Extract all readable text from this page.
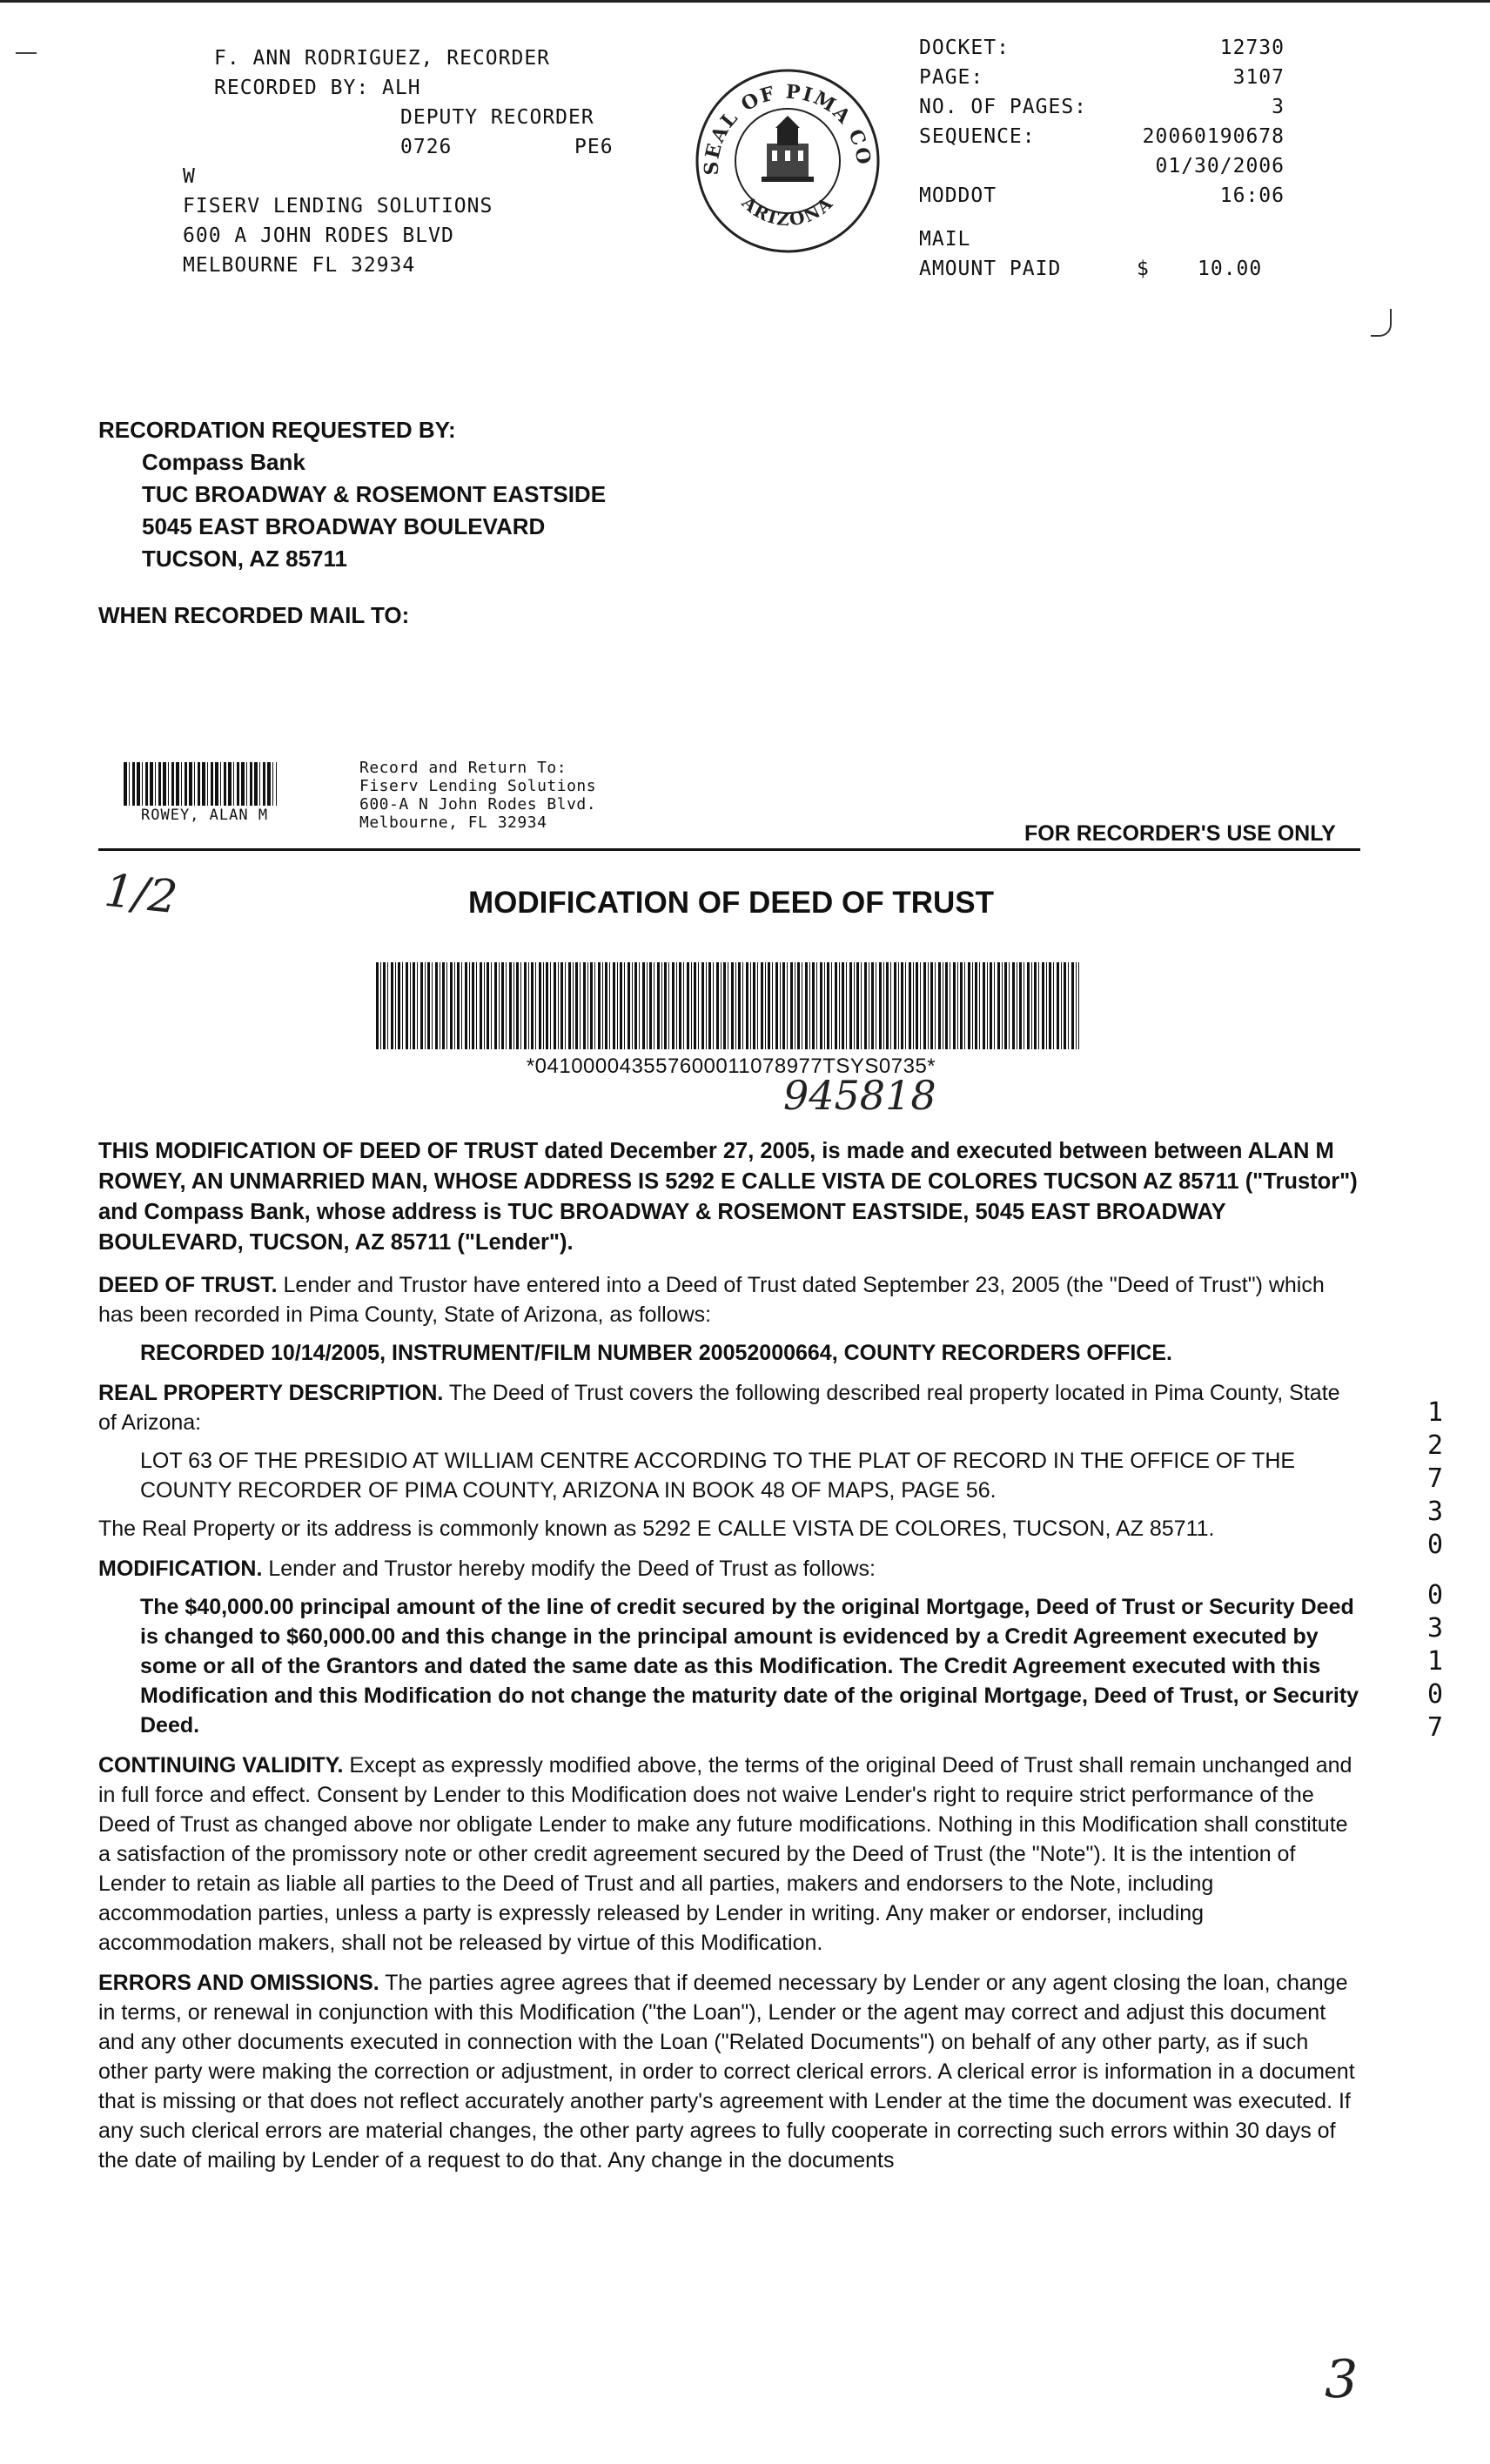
F. ANN RODRIGUEZ, RECORDER
RECORDED BY: ALH
DEPUTY RECORDER
0726	PE6
W
FISERV LENDING SOLUTIONS
600 A JOHN RODES BLVD
MELBOURNE FL 32934
SEAL OF PIMA CO
ARIZONA
DOCKET:	12730
PAGE:	3107
NO. OF PAGES:	3
SEQUENCE:	20060190678
01/30/2006
MODDOT	16:06
MAIL
AMOUNT PAID	$	10.00
RECORDATION REQUESTED BY:
Compass Bank
TUC BROADWAY & ROSEMONT EASTSIDE
5045 EAST BROADWAY BOULEVARD
TUCSON, AZ 85711
WHEN RECORDED MAIL TO:
ROWEY, ALAN M
Record and Return To:
Fiserv Lending Solutions
600-A N John Rodes Blvd.
Melbourne, FL 32934	FOR RECORDER'S USE ONLY
1/2	MODIFICATION OF DEED OF TRUST
*041000043557600011078977TSYS0735*
945818
12730
03107

THIS MODIFICATION OF DEED OF TRUST dated December 27, 2005, is made and executed between between ALAN M ROWEY, AN UNMARRIED MAN, WHOSE ADDRESS IS 5292 E CALLE VISTA DE COLORES TUCSON AZ 85711 ("Trustor") and Compass Bank, whose address is TUC BROADWAY & ROSEMONT EASTSIDE, 5045 EAST BROADWAY BOULEVARD, TUCSON, AZ 85711 ("Lender").

DEED OF TRUST. Lender and Trustor have entered into a Deed of Trust dated September 23, 2005 (the "Deed of Trust") which has been recorded in Pima County, State of Arizona, as follows:

RECORDED 10/14/2005, INSTRUMENT/FILM NUMBER 20052000664, COUNTY RECORDERS OFFICE.

REAL PROPERTY DESCRIPTION. The Deed of Trust covers the following described real property located in Pima County, State of Arizona:

LOT 63 OF THE PRESIDIO AT WILLIAM CENTRE ACCORDING TO THE PLAT OF RECORD IN THE OFFICE OF THE COUNTY RECORDER OF PIMA COUNTY, ARIZONA IN BOOK 48 OF MAPS, PAGE 56.

The Real Property or its address is commonly known as 5292 E CALLE VISTA DE COLORES, TUCSON, AZ 85711.

MODIFICATION. Lender and Trustor hereby modify the Deed of Trust as follows:

The $40,000.00 principal amount of the line of credit secured by the original Mortgage, Deed of Trust or Security Deed is changed to $60,000.00 and this change in the principal amount is evidenced by a Credit Agreement executed by some or all of the Grantors and dated the same date as this Modification. The Credit Agreement executed with this Modification and this Modification do not change the maturity date of the original Mortgage, Deed of Trust, or Security Deed.

CONTINUING VALIDITY. Except as expressly modified above, the terms of the original Deed of Trust shall remain unchanged and in full force and effect. Consent by Lender to this Modification does not waive Lender's right to require strict performance of the Deed of Trust as changed above nor obligate Lender to make any future modifications. Nothing in this Modification shall constitute a satisfaction of the promissory note or other credit agreement secured by the Deed of Trust (the "Note"). It is the intention of Lender to retain as liable all parties to the Deed of Trust and all parties, makers and endorsers to the Note, including accommodation parties, unless a party is expressly released by Lender in writing. Any maker or endorser, including accommodation makers, shall not be released by virtue of this Modification.

ERRORS AND OMISSIONS. The parties agree agrees that if deemed necessary by Lender or any agent closing the loan, change in terms, or renewal in conjunction with this Modification ("the Loan"), Lender or the agent may correct and adjust this document and any other documents executed in connection with the Loan ("Related Documents") on behalf of any other party, as if such other party were making the correction or adjustment, in order to correct clerical errors. A clerical error is information in a document that is missing or that does not reflect accurately another party's agreement with Lender at the time the document was executed. If any such clerical errors are material changes, the other party agrees to fully cooperate in correcting such errors within 30 days of the date of mailing by Lender of a request to do that. Any change in the documents

3
